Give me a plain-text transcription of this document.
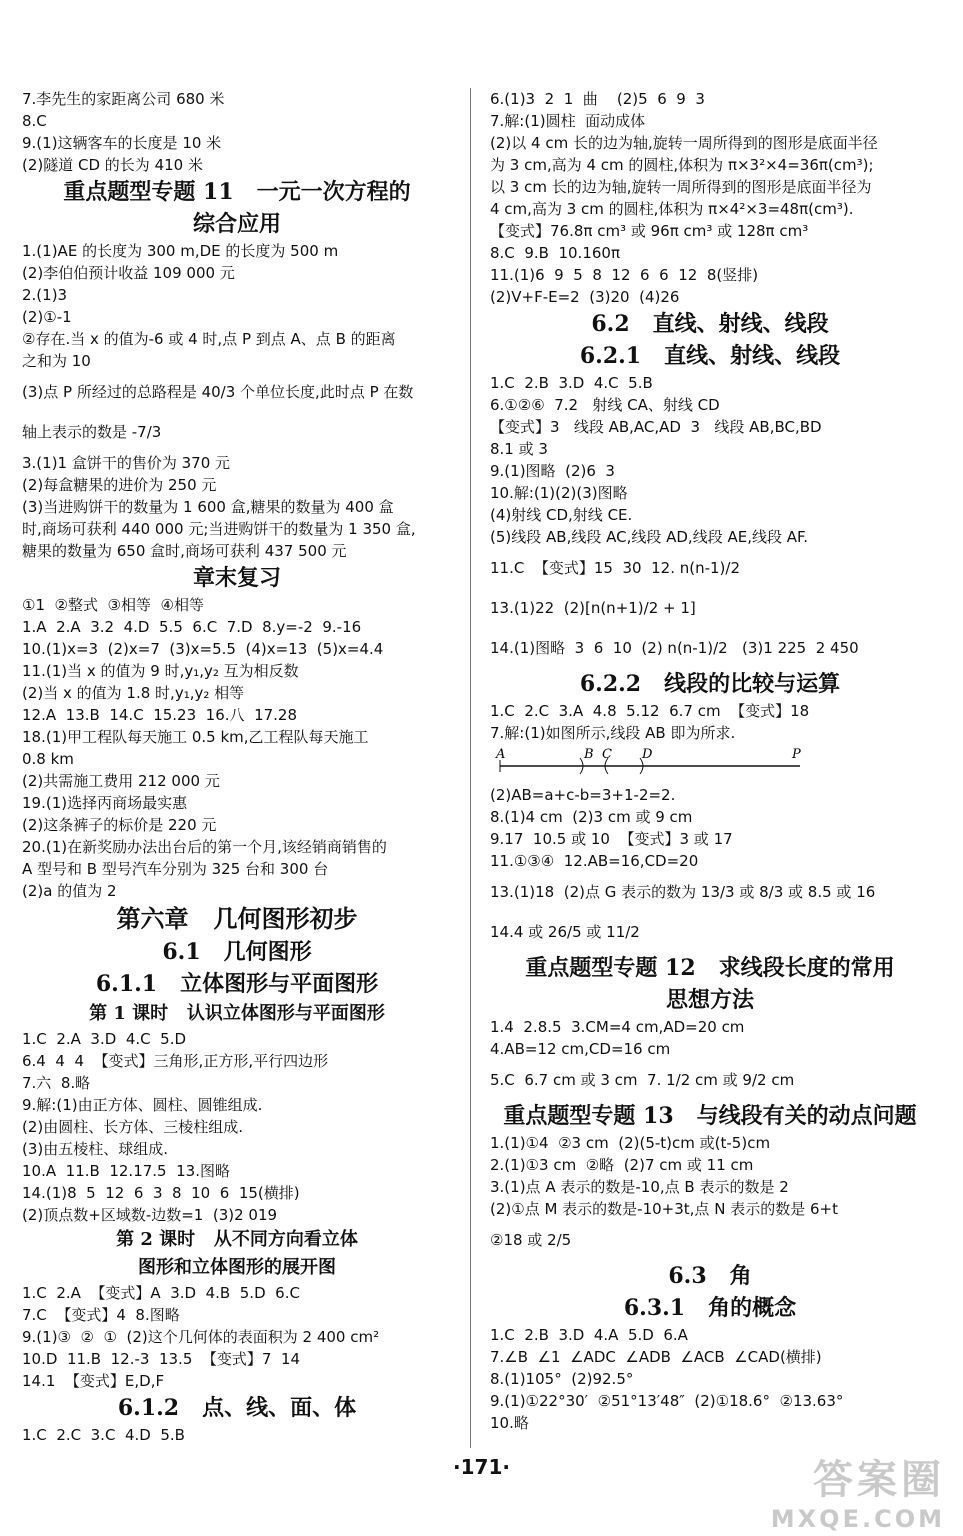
7.李先生的家距离公司 680 米

8.C

9.(1)这辆客车的长度是 10 米

(2)隧道 CD 的长为 410 米

重点题型专题 11   一元一次方程的

综合应用

1.(1)AE 的长度为 300 m,DE 的长度为 500 m

(2)李伯伯预计收益 109 000 元

2.(1)3

(2)①-1

②存在.当 x 的值为-6 或 4 时,点 P 到点 A、点 B 的距离

之和为 10

(3)点 P 所经过的总路程是 40/3 个单位长度,此时点 P 在数

轴上表示的数是 -7/3

3.(1)1 盒饼干的售价为 370 元

(2)每盒糖果的进价为 250 元

(3)当进购饼干的数量为 1 600 盒,糖果的数量为 400 盒

时,商场可获利 440 000 元;当进购饼干的数量为 1 350 盒,

糖果的数量为 650 盒时,商场可获利 437 500 元

章末复习

①1  ②整式  ③相等  ④相等

1.A  2.A  3.2  4.D  5.5  6.C  7.D  8.y=-2  9.-16

10.(1)x=3  (2)x=7  (3)x=5.5  (4)x=13  (5)x=4.4

11.(1)当 x 的值为 9 时,y₁,y₂ 互为相反数

(2)当 x 的值为 1.8 时,y₁,y₂ 相等

12.A  13.B  14.C  15.23  16.八  17.28

18.(1)甲工程队每天施工 0.5 km,乙工程队每天施工

0.8 km

(2)共需施工费用 212 000 元

19.(1)选择丙商场最实惠

(2)这条裤子的标价是 220 元

20.(1)在新奖励办法出台后的第一个月,该经销商销售的

A 型号和 B 型号汽车分别为 325 台和 300 台

(2)a 的值为 2

第六章   几何图形初步

6.1   几何图形

6.1.1   立体图形与平面图形

第 1 课时   认识立体图形与平面图形

1.C  2.A  3.D  4.C  5.D

6.4  4  4  【变式】三角形,正方形,平行四边形

7.六  8.略

9.解:(1)由正方体、圆柱、圆锥组成.

(2)由圆柱、长方体、三棱柱组成.

(3)由五棱柱、球组成.

10.A  11.B  12.17.5  13.图略

14.(1)8  5  12  6  3  8  10  6  15(横排)

(2)顶点数+区域数-边数=1  (3)2 019

第 2 课时   从不同方向看立体

图形和立体图形的展开图

1.C  2.A  【变式】A  3.D  4.B  5.D  6.C

7.C  【变式】4  8.图略

9.(1)③  ②  ①  (2)这个几何体的表面积为 2 400 cm²

10.D  11.B  12.-3  13.5  【变式】7  14

14.1  【变式】E,D,F

6.1.2   点、线、面、体

1.C  2.C  3.C  4.D  5.B

6.(1)3  2  1  曲    (2)5  6  9  3

7.解:(1)圆柱  面动成体

(2)以 4 cm 长的边为轴,旋转一周所得到的图形是底面半径

为 3 cm,高为 4 cm 的圆柱,体积为 π×3²×4=36π(cm³);

以 3 cm 长的边为轴,旋转一周所得到的图形是底面半径为

4 cm,高为 3 cm 的圆柱,体积为 π×4²×3=48π(cm³).

【变式】76.8π cm³ 或 96π cm³ 或 128π cm³

8.C  9.B  10.160π

11.(1)6  9  5  8  12  6  6  12  8(竖排)

(2)V+F-E=2  (3)20  (4)26

6.2   直线、射线、线段

6.2.1   直线、射线、线段

1.C  2.B  3.D  4.C  5.B

6.①②⑥  7.2   射线 CA、射线 CD

【变式】3   线段 AB,AC,AD  3   线段 AB,BC,BD

8.1 或 3

9.(1)图略  (2)6  3

10.解:(1)(2)(3)图略

(4)射线 CD,射线 CE.

(5)线段 AB,线段 AC,线段 AD,线段 AE,线段 AF.

11.C  【变式】15  30  12. n(n-1)/2

13.(1)22  (2)[n(n+1)/2 + 1]

14.(1)图略  3  6  10  (2) n(n-1)/2   (3)1 225  2 450

6.2.2   线段的比较与运算

1.C  2.C  3.A  4.8  5.12  6.7 cm  【变式】18

7.解:(1)如图所示,线段 AB 即为所求.

A	B C D	P

(2)AB=a+c-b=3+1-2=2.

8.(1)4 cm  (2)3 cm 或 9 cm

9.17  10.5 或 10  【变式】3 或 17

11.①③④  12.AB=16,CD=20

13.(1)18  (2)点 G 表示的数为 13/3 或 8/3 或 8.5 或 16

14.4 或 26/5 或 11/2

重点题型专题 12   求线段长度的常用

思想方法

1.4  2.8.5  3.CM=4 cm,AD=20 cm

4.AB=12 cm,CD=16 cm

5.C  6.7 cm 或 3 cm  7. 1/2 cm 或 9/2 cm

重点题型专题 13   与线段有关的动点问题

1.(1)①4  ②3 cm  (2)(5-t)cm 或(t-5)cm

2.(1)①3 cm  ②略  (2)7 cm 或 11 cm

3.(1)点 A 表示的数是-10,点 B 表示的数是 2

(2)①点 M 表示的数是-10+3t,点 N 表示的数是 6+t

②18 或 2/5

6.3   角

6.3.1   角的概念

1.C  2.B  3.D  4.A  5.D  6.A

7.∠B  ∠1  ∠ADC  ∠ADB  ∠ACB  ∠CAD(横排)

8.(1)105°  (2)92.5°

9.(1)①22°30′  ②51°13′48″  (2)①18.6°  ②13.63°

10.略

·171·	答案圈
MXQE.COM
